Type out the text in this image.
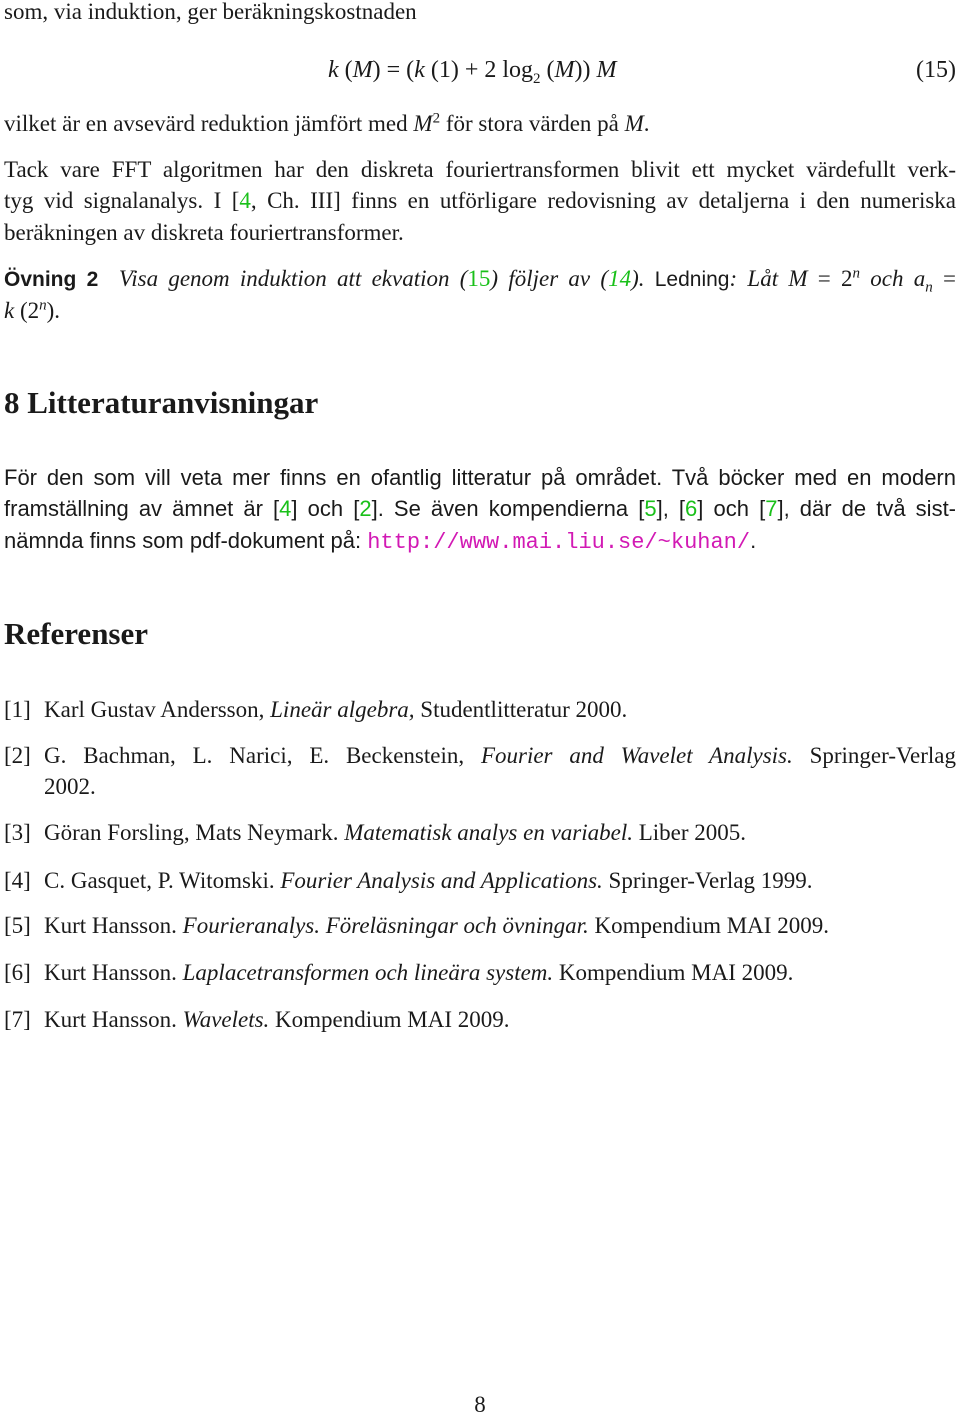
som, via induktion, ger beräkningskostnaden
k (M) = (k (1) + 2 $\log_2 (M)$) M	(15)
vilket är en avsevärd reduktion jämfört med $M^2$ för stora värden på M.
Tack vare FFT algoritmen har den diskreta fouriertransformen blivit ett mycket värdefullt verk-
tyg vid signalanalys. I [4, Ch. III] finns en utförligare redovisning av detaljerna i den numeriska
beräkningen av diskreta fouriertransformer.
Övning 2 Visa genom induktion att ekvation (15) följer av (14). Ledning: Låt $M = 2^n$ och $a_n$ =
k (2$^n$).
8 Litteraturanvisningar
För den som vill veta mer finns en ofantlig litteratur på området. Två böcker med en modern
framställning av ämnet är [4] och [2]. Se även kompendierna [5], [6] och [7], där de två sist-
nämnda finns som pdf-dokument på: http://www.mai.liu.se/~kuhan/.
Referenser
[1] Karl Gustav Andersson, Lineär algebra, Studentlitteratur 2000.
[2] G. Bachman, L. Narici, E. Beckenstein, Fourier and Wavelet Analysis. Springer-Verlag
2002.
[3] Göran Forsling, Mats Neymark. Matematisk analys en variabel. Liber 2005.
[4] C. Gasquet, P. Witomski. Fourier Analysis and Applications. Springer-Verlag 1999.
[5] Kurt Hansson. Fourieranalys. Föreläsningar och övningar. Kompendium MAI 2009.
[6] Kurt Hansson. Laplacetransformen och lineära system. Kompendium MAI 2009.
[7] Kurt Hansson. Wavelets. Kompendium MAI 2009.
8
